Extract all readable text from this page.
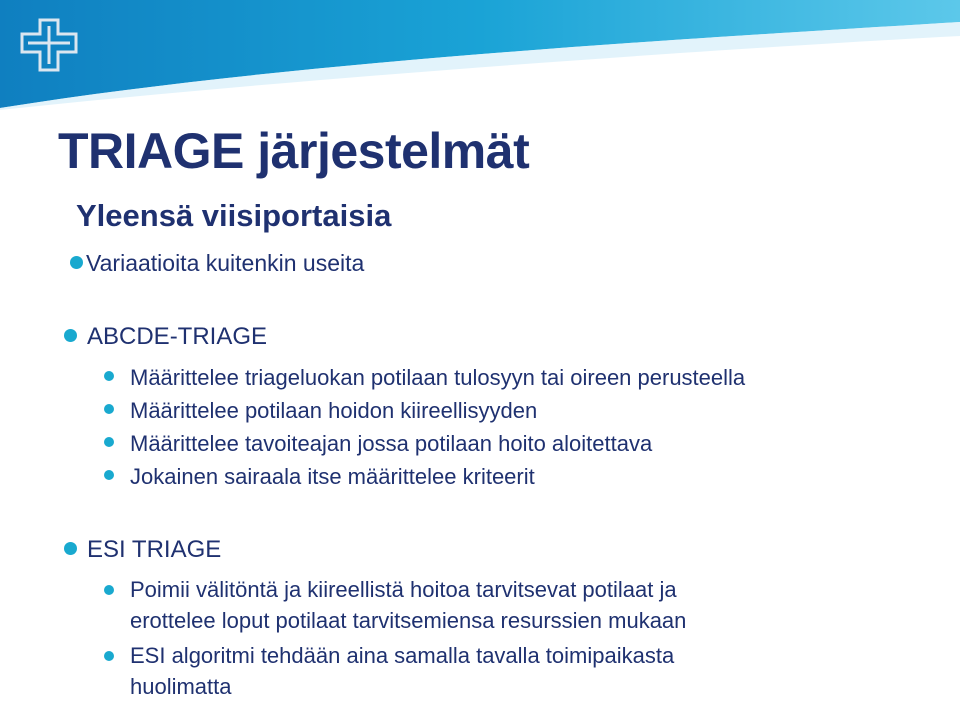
TRIAGE järjestelmät
Yleensä viisiportaisia
Variaatioita kuitenkin useita
ABCDE-TRIAGE
Määrittelee triageluokan potilaan tulosyyn tai oireen perusteella
Määrittelee potilaan hoidon kiireellisyyden
Määrittelee tavoiteajan jossa potilaan hoito aloitettava
Jokainen sairaala itse määrittelee kriteerit
ESI TRIAGE
Poimii välitöntä ja kiireellistä hoitoa tarvitsevat potilaat ja
erottelee loput potilaat tarvitsemiensa resurssien mukaan
ESI algoritmi tehdään aina samalla tavalla toimipaikasta
huolimatta
